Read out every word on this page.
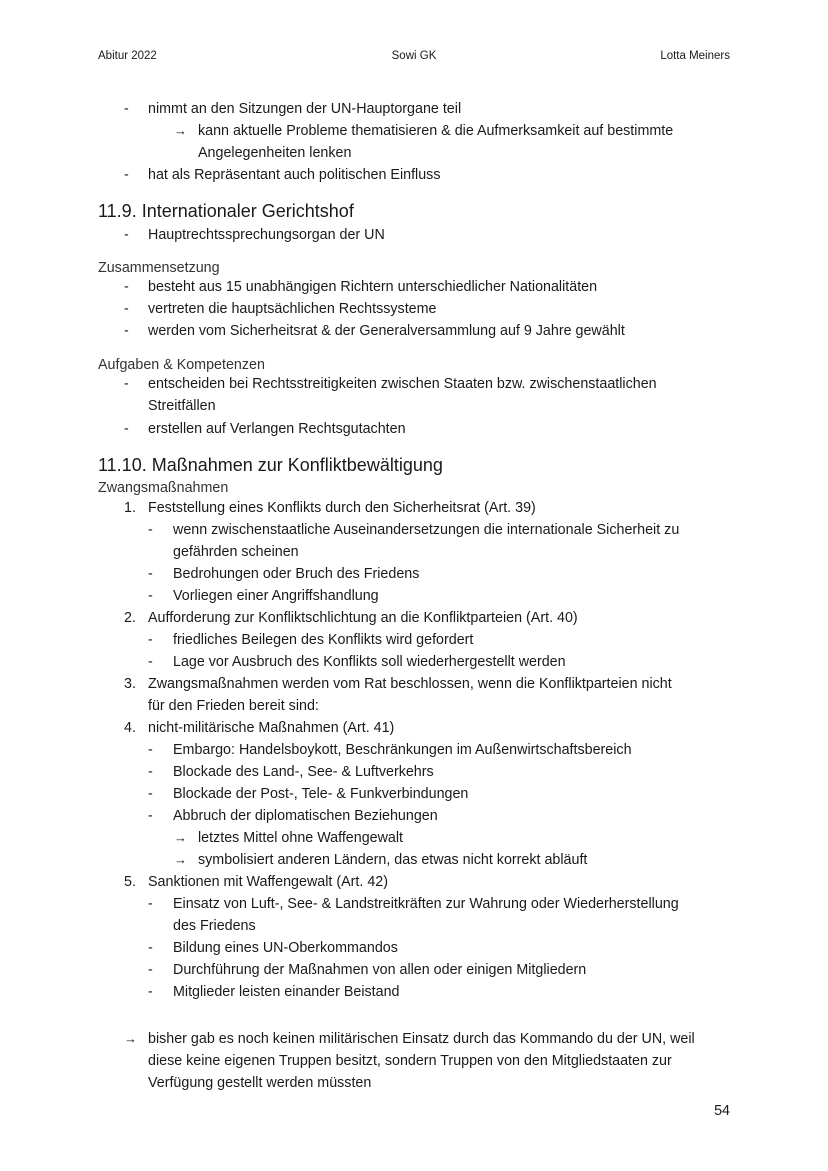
Abitur 2022	Sowi GK	Lotta Meiners
- nimmt an den Sitzungen der UN-Hauptorgane teil
→ kann aktuelle Probleme thematisieren & die Aufmerksamkeit auf bestimmte
Angelegenheiten lenken
- hat als Repräsentant auch politischen Einfluss
11.9. Internationaler Gerichtshof
- Hauptrechtssprechungsorgan der UN
Zusammensetzung
- besteht aus 15 unabhängigen Richtern unterschiedlicher Nationalitäten
- vertreten die hauptsächlichen Rechtssysteme
- werden vom Sicherheitsrat & der Generalversammlung auf 9 Jahre gewählt
Aufgaben & Kompetenzen
- entscheiden bei Rechtsstreitigkeiten zwischen Staaten bzw. zwischenstaatlichen
Streitfällen
- erstellen auf Verlangen Rechtsgutachten
11.10. Maßnahmen zur Konfliktbewältigung
Zwangsmaßnahmen
1. Feststellung eines Konflikts durch den Sicherheitsrat (Art. 39)
- wenn zwischenstaatliche Auseinandersetzungen die internationale Sicherheit zu
gefährden scheinen
- Bedrohungen oder Bruch des Friedens
- Vorliegen einer Angriffshandlung
2. Aufforderung zur Konfliktschlichtung an die Konfliktparteien (Art. 40)
- friedliches Beilegen des Konflikts wird gefordert
- Lage vor Ausbruch des Konflikts soll wiederhergestellt werden
3. Zwangsmaßnahmen werden vom Rat beschlossen, wenn die Konfliktparteien nicht
für den Frieden bereit sind:
4. nicht-militärische Maßnahmen (Art. 41)
- Embargo: Handelsboykott, Beschränkungen im Außenwirtschaftsbereich
- Blockade des Land-, See- & Luftverkehrs
- Blockade der Post-, Tele- & Funkverbindungen
- Abbruch der diplomatischen Beziehungen
→ letztes Mittel ohne Waffengewalt
→ symbolisiert anderen Ländern, das etwas nicht korrekt abläuft
5. Sanktionen mit Waffengewalt (Art. 42)
- Einsatz von Luft-, See- & Landstreitkräften zur Wahrung oder Wiederherstellung
des Friedens
- Bildung eines UN-Oberkommandos
- Durchführung der Maßnahmen von allen oder einigen Mitgliedern
- Mitglieder leisten einander Beistand
→ bisher gab es noch keinen militärischen Einsatz durch das Kommando du der UN, weil
diese keine eigenen Truppen besitzt, sondern Truppen von den Mitgliedstaaten zur
Verfügung gestellt werden müssten
54
